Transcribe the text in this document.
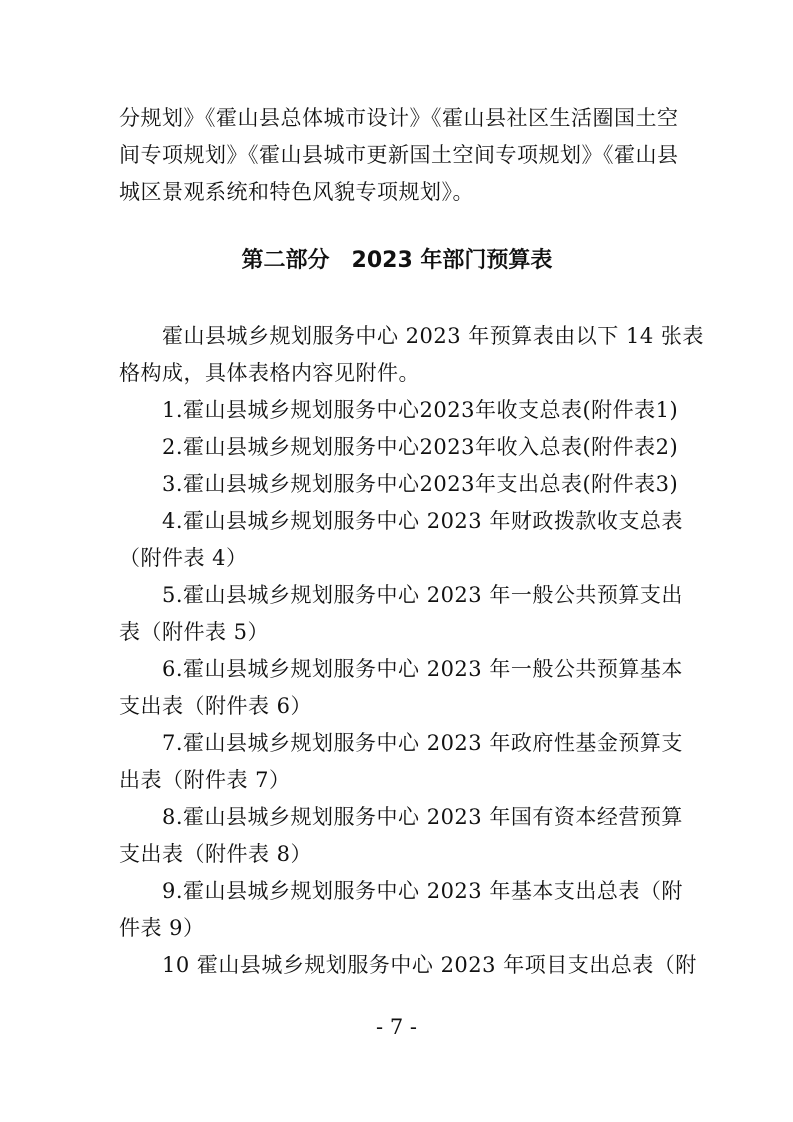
分规划》《霍山县总体城市设计》《霍山县社区生活圈国土空
间专项规划》《霍山县城市更新国土空间专项规划》《霍山县
城区景观系统和特色风貌专项规划》。
第二部分　2023 年部门预算表
霍山县城乡规划服务中心 2023 年预算表由以下 14 张表
格构成，具体表格内容见附件。
1.霍山县城乡规划服务中心2023年收支总表(附件表1)
2.霍山县城乡规划服务中心2023年收入总表(附件表2)
3.霍山县城乡规划服务中心2023年支出总表(附件表3)
4.霍山县城乡规划服务中心 2023 年财政拨款收支总表
（附件表 4）
5.霍山县城乡规划服务中心 2023 年一般公共预算支出
表（附件表 5）
6.霍山县城乡规划服务中心 2023 年一般公共预算基本
支出表（附件表 6）
7.霍山县城乡规划服务中心 2023 年政府性基金预算支
出表（附件表 7）
8.霍山县城乡规划服务中心 2023 年国有资本经营预算
支出表（附件表 8）
9.霍山县城乡规划服务中心 2023 年基本支出总表（附
件表 9）
10 霍山县城乡规划服务中心 2023 年项目支出总表（附
- 7 -
